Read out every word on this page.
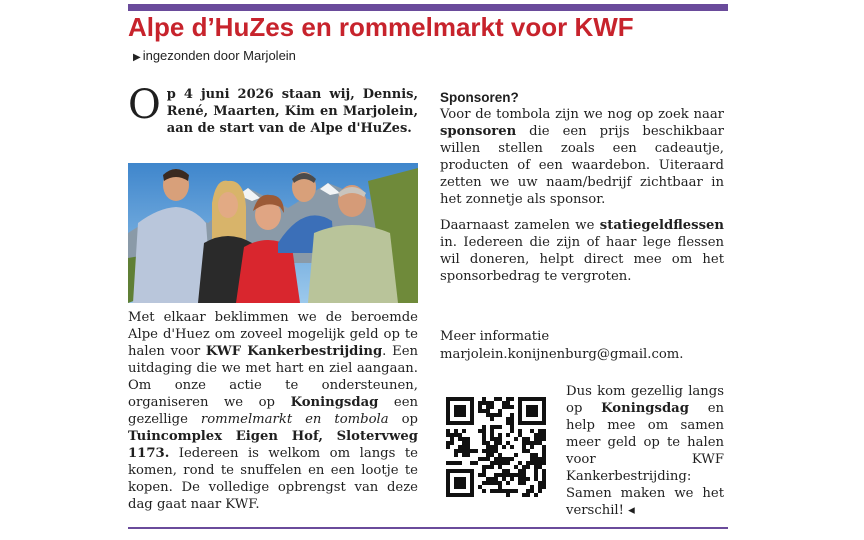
Alpe d’HuZes en rommelmarkt voor KWF
▶ ingezonden door Marjolein

Op 4 juni 2026 staan wij, Dennis, René, Maarten, Kim en Marjolein, aan de start van de Alpe d'HuZes.

Met elkaar beklimmen we de beroemde Alpe d'Huez om zoveel mogelijk geld op te halen voor KWF Kankerbestrijding. Een uitdaging die we met hart en ziel aangaan. Om onze actie te ondersteunen, organiseren we op Koningsdag een gezellige rommelmarkt en tombola op Tuincomplex Eigen Hof, Slotervweg 1173. Iedereen is welkom om langs te komen, rond te snuffelen en een lootje te kopen. De volledige opbrengst van deze dag gaat naar KWF.

Sponsoren?

Voor de tombola zijn we nog op zoek naar sponsoren die een prijs beschikbaar willen stellen zoals een cadeautje, producten of een waardebon. Uiteraard zetten we uw naam/bedrijf zichtbaar in het zonnetje als sponsor.

Daarnaast zamelen we statiegeldflessen in. Iedereen die zijn of haar lege flessen wil doneren, helpt direct mee om het sponsorbedrag te vergroten.

Meer informatie
marjolein.konijnenburg@gmail.com.

Dus kom gezellig langs op Koningsdag en help mee om samen meer geld op te halen voor KWF Kankerbestrijding: Samen maken we het verschil! ◂
